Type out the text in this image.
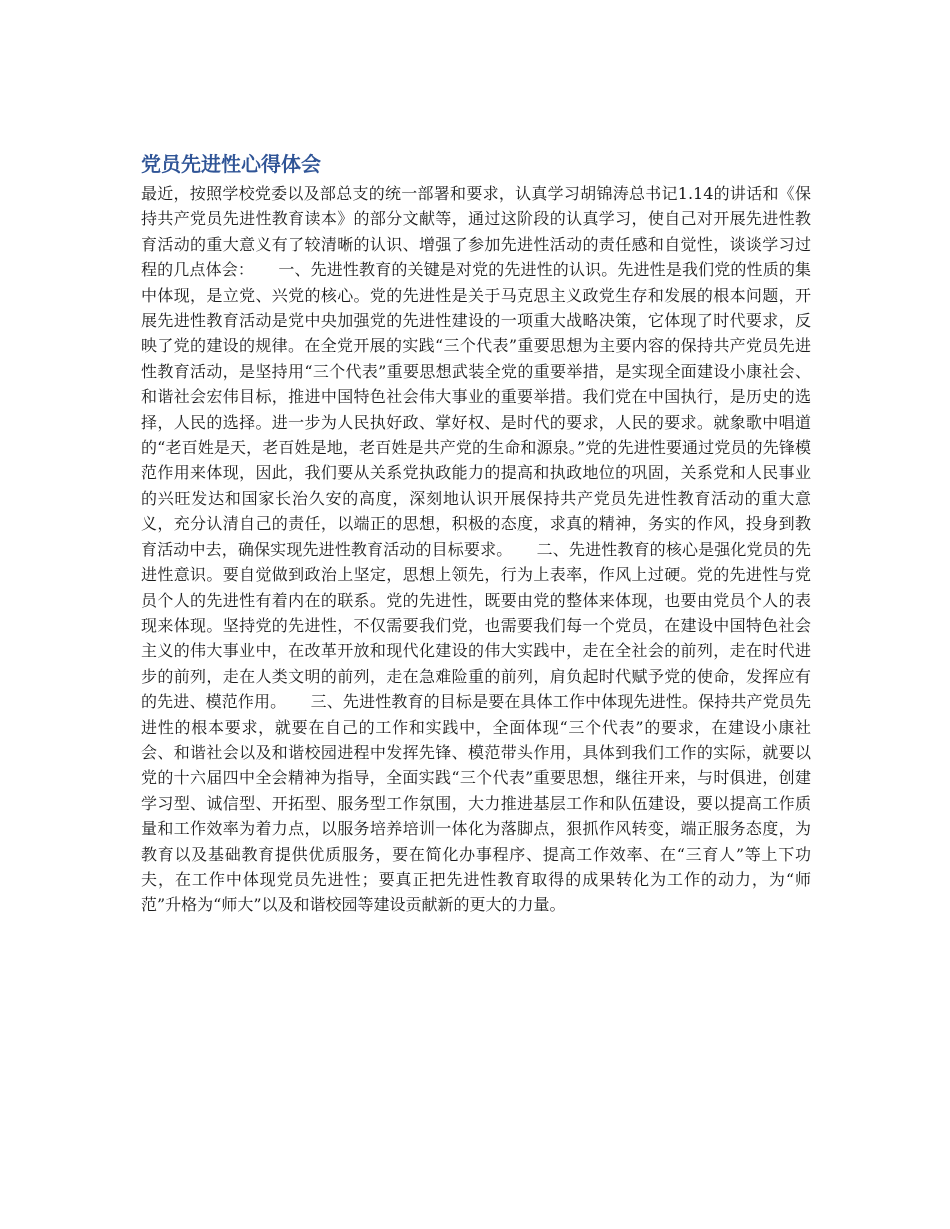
党员先进性心得体会

最近，按照学校党委以及部总支的统一部署和要求，认真学习胡锦涛总书记1.14的讲话和《保持共产党员先进性教育读本》的部分文献等，通过这阶段的认真学习，使自己对开展先进性教育活动的重大意义有了较清晰的认识、增强了参加先进性活动的责任感和自觉性，谈谈学习过程的几点体会：　　一、先进性教育的关键是对党的先进性的认识。先进性是我们党的性质的集中体现，是立党、兴党的核心。党的先进性是关于马克思主义政党生存和发展的根本问题，开展先进性教育活动是党中央加强党的先进性建设的一项重大战略决策，它体现了时代要求，反映了党的建设的规律。在全党开展的实践“三个代表”重要思想为主要内容的保持共产党员先进性教育活动，是坚持用“三个代表”重要思想武装全党的重要举措，是实现全面建设小康社会、和谐社会宏伟目标，推进中国特色社会伟大事业的重要举措。我们党在中国执行，是历史的选择，人民的选择。进一步为人民执好政、掌好权、是时代的要求，人民的要求。就象歌中唱道的“老百姓是天，老百姓是地，老百姓是共产党的生命和源泉。”党的先进性要通过党员的先锋模范作用来体现，因此，我们要从关系党执政能力的提高和执政地位的巩固，关系党和人民事业的兴旺发达和国家长治久安的高度，深刻地认识开展保持共产党员先进性教育活动的重大意义，充分认清自己的责任，以端正的思想，积极的态度，求真的精神，务实的作风，投身到教育活动中去，确保实现先进性教育活动的目标要求。　　二、先进性教育的核心是强化党员的先进性意识。要自觉做到政治上坚定，思想上领先，行为上表率，作风上过硬。党的先进性与党员个人的先进性有着内在的联系。党的先进性，既要由党的整体来体现，也要由党员个人的表现来体现。坚持党的先进性，不仅需要我们党，也需要我们每一个党员，在建设中国特色社会主义的伟大事业中，在改革开放和现代化建设的伟大实践中，走在全社会的前列，走在时代进步的前列，走在人类文明的前列，走在急难险重的前列，肩负起时代赋予党的使命，发挥应有的先进、模范作用。　　三、先进性教育的目标是要在具体工作中体现先进性。保持共产党员先进性的根本要求，就要在自己的工作和实践中，全面体现“三个代表”的要求，在建设小康社会、和谐社会以及和谐校园进程中发挥先锋、模范带头作用，具体到我们工作的实际，就要以党的十六届四中全会精神为指导，全面实践“三个代表”重要思想，继往开来，与时俱进，创建学习型、诚信型、开拓型、服务型工作氛围，大力推进基层工作和队伍建设，要以提高工作质量和工作效率为着力点，以服务培养培训一体化为落脚点，狠抓作风转变，端正服务态度，为教育以及基础教育提供优质服务，要在简化办事程序、提高工作效率、在“三育人”等上下功夫，在工作中体现党员先进性；要真正把先进性教育取得的成果转化为工作的动力，为“师范”升格为“师大”以及和谐校园等建设贡献新的更大的力量。
